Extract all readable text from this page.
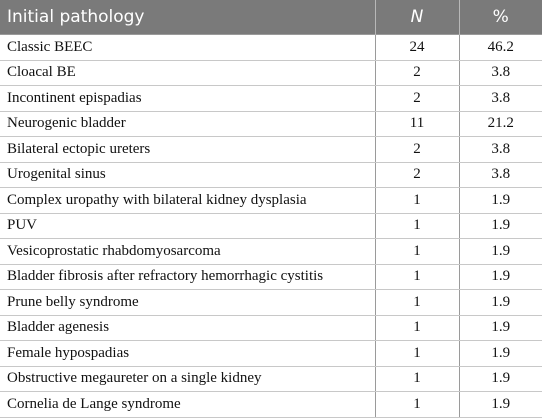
Initial pathology	N	%
Classic BEEC	24	46.2
Cloacal BE	2	3.8
Incontinent epispadias	2	3.8
Neurogenic bladder	11	21.2
Bilateral ectopic ureters	2	3.8
Urogenital sinus	2	3.8
Complex uropathy with bilateral kidney dysplasia	1	1.9
PUV	1	1.9
Vesicoprostatic rhabdomyosarcoma	1	1.9
Bladder fibrosis after refractory hemorrhagic cystitis	1	1.9
Prune belly syndrome	1	1.9
Bladder agenesis	1	1.9
Female hypospadias	1	1.9
Obstructive megaureter on a single kidney	1	1.9
Cornelia de Lange syndrome	1	1.9
